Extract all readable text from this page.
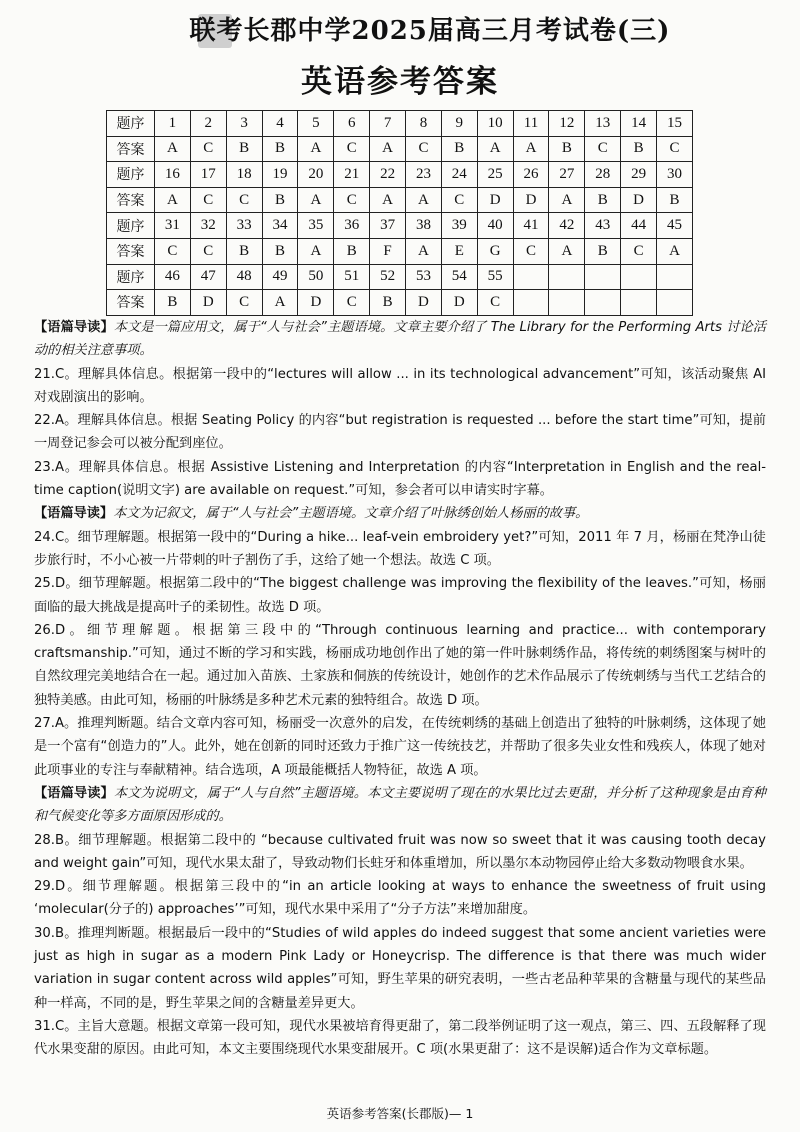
联考长郡中学2025届高三月考试卷(三)
英语参考答案
题序	1	2	3	4	5	6	7	8	9	10	11	12	13	14	15
答案	A	C	B	B	A	C	A	C	B	A	A	B	C	B	C
题序	16	17	18	19	20	21	22	23	24	25	26	27	28	29	30
答案	A	C	C	B	A	C	A	A	C	D	D	A	B	D	B
题序	31	32	33	34	35	36	37	38	39	40	41	42	43	44	45
答案	C	C	B	B	A	B	F	A	E	G	C	A	B	C	A
题序	46	47	48	49	50	51	52	53	54	55					
答案	B	D	C	A	D	C	B	D	D	C					

【语篇导读】本文是一篇应用文，属于“人与社会”主题语境。文章主要介绍了 The Library for the Performing Arts 讨论活动的相关注意事项。

21.C。理解具体信息。根据第一段中的“lectures will allow ... in its technological advancement”可知，该活动聚焦 AI 对戏剧演出的影响。

22.A。理解具体信息。根据 Seating Policy 的内容“but registration is requested ... before the start time”可知，提前一周登记参会可以被分配到座位。

23.A。理解具体信息。根据 Assistive Listening and Interpretation 的内容“Interpretation in English and the real-time caption(说明文字) are available on request.”可知，参会者可以申请实时字幕。

【语篇导读】本文为记叙文，属于“人与社会”主题语境。文章介绍了叶脉绣创始人杨丽的故事。

24.C。细节理解题。根据第一段中的“During a hike... leaf-vein embroidery yet?”可知，2011 年 7 月，杨丽在梵净山徒步旅行时，不小心被一片带刺的叶子割伤了手，这给了她一个想法。故选 C 项。

25.D。细节理解题。根据第二段中的“The biggest challenge was improving the flexibility of the leaves.”可知，杨丽面临的最大挑战是提高叶子的柔韧性。故选 D 项。

26.D。细节理解题。根据第三段中的“Through continuous learning and practice... with contemporary craftsmanship.”可知，通过不断的学习和实践，杨丽成功地创作出了她的第一件叶脉刺绣作品，将传统的刺绣图案与树叶的自然纹理完美地结合在一起。通过加入苗族、土家族和侗族的传统设计，她创作的艺术作品展示了传统刺绣与当代工艺结合的独特美感。由此可知，杨丽的叶脉绣是多种艺术元素的独特组合。故选 D 项。

27.A。推理判断题。结合文章内容可知，杨丽受一次意外的启发，在传统刺绣的基础上创造出了独特的叶脉刺绣，这体现了她是一个富有“创造力的”人。此外，她在创新的同时还致力于推广这一传统技艺，并帮助了很多失业女性和残疾人，体现了她对此项事业的专注与奉献精神。结合选项，A 项最能概括人物特征，故选 A 项。

【语篇导读】本文为说明文，属于“人与自然”主题语境。本文主要说明了现在的水果比过去更甜，并分析了这种现象是由育种和气候变化等多方面原因形成的。

28.B。细节理解题。根据第二段中的 “because cultivated fruit was now so sweet that it was causing tooth decay and weight gain”可知，现代水果太甜了，导致动物们长蛀牙和体重增加，所以墨尔本动物园停止给大多数动物喂食水果。

29.D。细节理解题。根据第三段中的“in an article looking at ways to enhance the sweetness of fruit using ‘molecular(分子的) approaches’”可知，现代水果中采用了“分子方法”来增加甜度。

30.B。推理判断题。根据最后一段中的“Studies of wild apples do indeed suggest that some ancient varieties were just as high in sugar as a modern Pink Lady or Honeycrisp. The difference is that there was much wider variation in sugar content across wild apples”可知，野生苹果的研究表明，一些古老品种苹果的含糖量与现代的某些品种一样高，不同的是，野生苹果之间的含糖量差异更大。

31.C。主旨大意题。根据文章第一段可知，现代水果被培育得更甜了，第二段举例证明了这一观点，第三、四、五段解释了现代水果变甜的原因。由此可知，本文主要围绕现代水果变甜展开。C 项(水果更甜了：这不是误解)适合作为文章标题。

英语参考答案(长郡版)— 1
